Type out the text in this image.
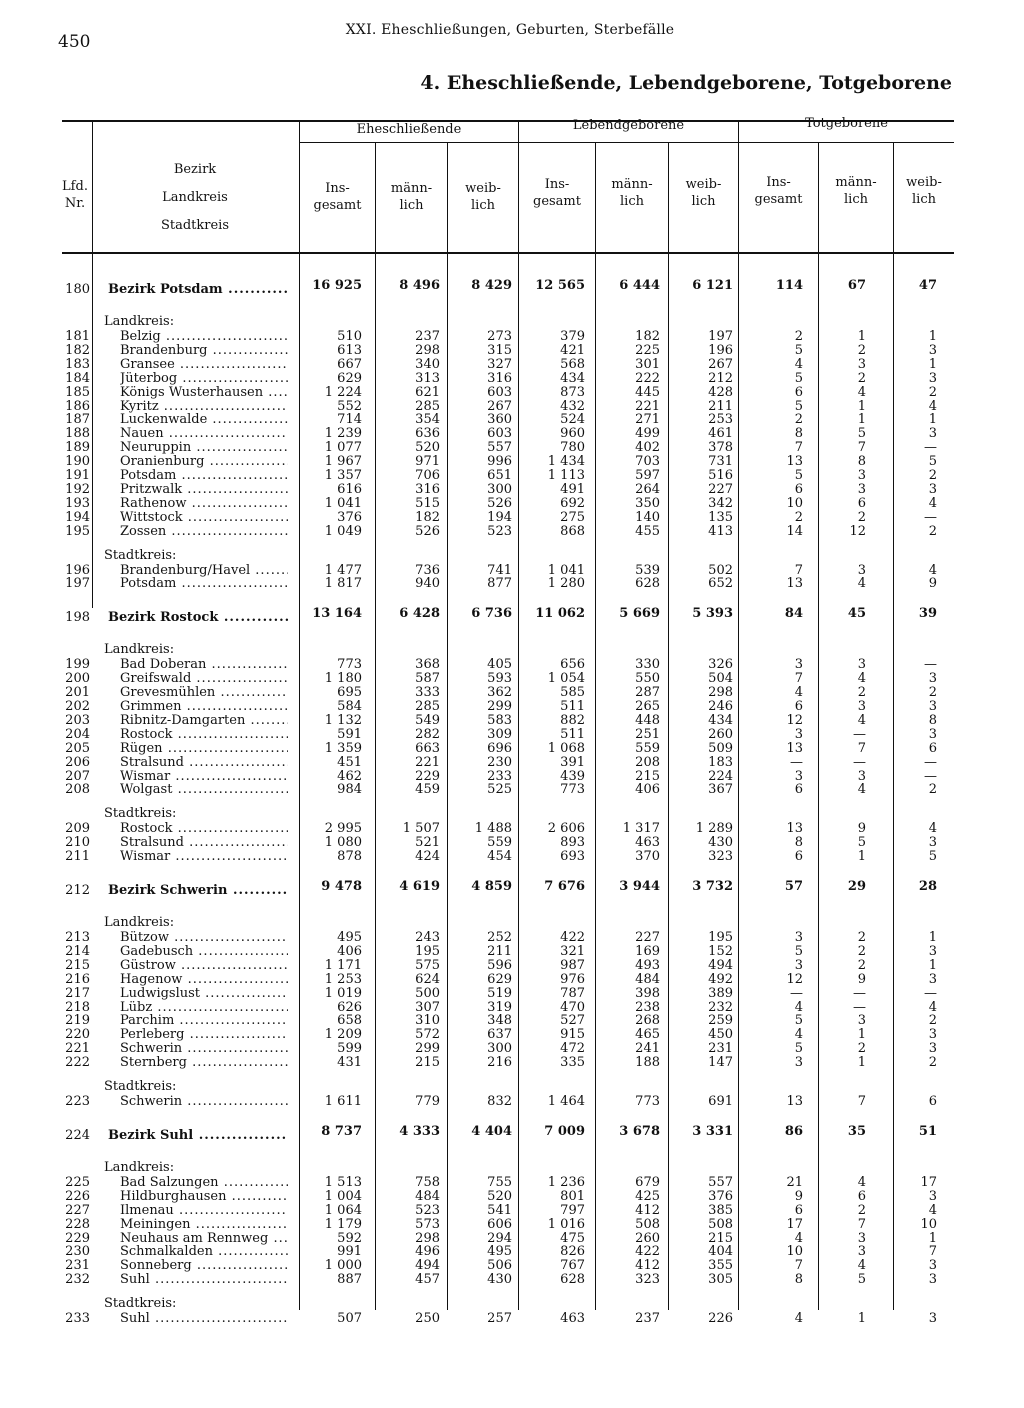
450
XXI. Eheschließungen, Geburten, Sterbefälle
4. Eheschließende, Lebendgeborene, Totgeborene
Lfd.
Nr.
Bezirk
Landkreis
Stadtkreis
Eheschließende	Lebendgeborene	Totgeborene
Ins-
gesamt
männ-
lich
weib-
lich
Ins-
gesamt
männ-
lich
weib-
lich
Ins-
gesamt
männ-
lich
weib-
lich
180 Bezirk Potsdam .....	16 925	8 496	8 429	12 565	6 444	6 121	114	67	47
Landkreis:
181 Belzig .....	510	237	273	379	182	197	2	1	1
182 Brandenburg .....	613	298	315	421	225	196	5	2	3
183 Gransee .....	667	340	327	568	301	267	4	3	1
184 Jüterbog .....	629	313	316	434	222	212	5	2	3
185 Königs Wusterhausen .....	1 224	621	603	873	445	428	6	4	2
186 Kyritz .....	552	285	267	432	221	211	5	1	4
187 Luckenwalde .....	714	354	360	524	271	253	2	1	1
188 Nauen .....	1 239	636	603	960	499	461	8	5	3
189 Neuruppin .....	1 077	520	557	780	402	378	7	7	—
190 Oranienburg .....	1 967	971	996	1 434	703	731	13	8	5
191 Potsdam .....	1 357	706	651	1 113	597	516	5	3	2
192 Pritzwalk .....	616	316	300	491	264	227	6	3	3
193 Rathenow .....	1 041	515	526	692	350	342	10	6	4
194 Wittstock .....	376	182	194	275	140	135	2	2	—
195 Zossen .....	1 049	526	523	868	455	413	14	12	2
Stadtkreis:
196 Brandenburg/Havel .....	1 477	736	741	1 041	539	502	7	3	4
197 Potsdam .....	1 817	940	877	1 280	628	652	13	4	9
198 Bezirk Rostock .....	13 164	6 428	6 736	11 062	5 669	5 393	84	45	39
Landkreis:
199 Bad Doberan .....	773	368	405	656	330	326	3	3	—
200 Greifswald .....	1 180	587	593	1 054	550	504	7	4	3
201 Grevesmühlen .....	695	333	362	585	287	298	4	2	2
202 Grimmen .....	584	285	299	511	265	246	6	3	3
203 Ribnitz-Damgarten .....	1 132	549	583	882	448	434	12	4	8
204 Rostock .....	591	282	309	511	251	260	3	—	3
205 Rügen .....	1 359	663	696	1 068	559	509	13	7	6
206 Stralsund .....	451	221	230	391	208	183	—	—	—
207 Wismar .....	462	229	233	439	215	224	3	3	—
208 Wolgast .....	984	459	525	773	406	367	6	4	2
Stadtkreis:
209 Rostock .....	2 995	1 507	1 488	2 606	1 317	1 289	13	9	4
210 Stralsund .....	1 080	521	559	893	463	430	8	5	3
211 Wismar .....	878	424	454	693	370	323	6	1	5
212 Bezirk Schwerin .....	9 478	4 619	4 859	7 676	3 944	3 732	57	29	28
Landkreis:
213 Bützow .....	495	243	252	422	227	195	3	2	1
214 Gadebusch .....	406	195	211	321	169	152	5	2	3
215 Güstrow .....	1 171	575	596	987	493	494	3	2	1
216 Hagenow .....	1 253	624	629	976	484	492	12	9	3
217 Ludwigslust .....	1 019	500	519	787	398	389	—	—	—
218 Lübz .....	626	307	319	470	238	232	4	—	4
219 Parchim .....	658	310	348	527	268	259	5	3	2
220 Perleberg .....	1 209	572	637	915	465	450	4	1	3
221 Schwerin .....	599	299	300	472	241	231	5	2	3
222 Sternberg .....	431	215	216	335	188	147	3	1	2
Stadtkreis:
223 Schwerin .....	1 611	779	832	1 464	773	691	13	7	6
224 Bezirk Suhl .....	8 737	4 333	4 404	7 009	3 678	3 331	86	35	51
Landkreis:
225 Bad Salzungen .....	1 513	758	755	1 236	679	557	21	4	17
226 Hildburghausen .....	1 004	484	520	801	425	376	9	6	3
227 Ilmenau .....	1 064	523	541	797	412	385	6	2	4
228 Meiningen .....	1 179	573	606	1 016	508	508	17	7	10
229 Neuhaus am Rennweg .....	592	298	294	475	260	215	4	3	1
230 Schmalkalden .....	991	496	495	826	422	404	10	3	7
231 Sonneberg .....	1 000	494	506	767	412	355	7	4	3
232 Suhl .....	887	457	430	628	323	305	8	5	3
Stadtkreis:
233 Suhl .....	507	250	257	463	237	226	4	1	3
